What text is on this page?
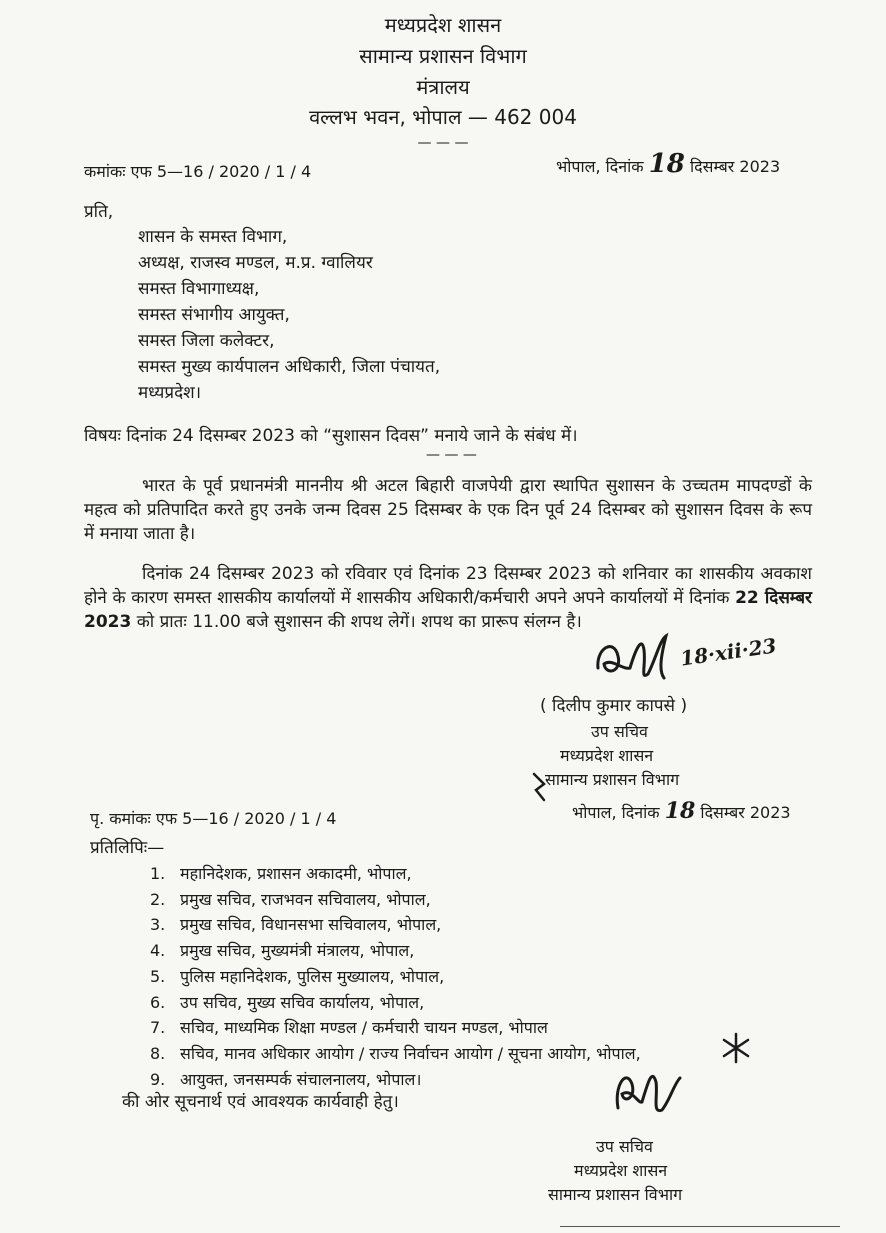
मध्यप्रदेश शासन
सामान्य प्रशासन विभाग
मंत्रालय
वल्लभ भवन, भोपाल — 462 004
— — —
कमांकः एफ 5—16 / 2020 / 1 / 4	भोपाल, दिनांक 18 दिसम्बर 2023
प्रति,
शासन के समस्त विभाग,
अध्यक्ष, राजस्व मण्डल, म.प्र. ग्वालियर
समस्त विभागाध्यक्ष,
समस्त संभागीय आयुक्त,
समस्त जिला कलेक्टर,
समस्त मुख्य कार्यपालन अधिकारी, जिला पंचायत,
मध्यप्रदेश।
विषयः दिनांक 24 दिसम्बर 2023 को “सुशासन दिवस” मनाये जाने के संबंध में।
— — —

भारत के पूर्व प्रधानमंत्री माननीय श्री अटल बिहारी वाजपेयी द्वारा स्थापित सुशासन के उच्चतम मापदण्डों के महत्व को प्रतिपादित करते हुए उनके जन्म दिवस 25 दिसम्बर के एक दिन पूर्व 24 दिसम्बर को सुशासन दिवस के रूप में मनाया जाता है।

दिनांक 24 दिसम्बर 2023 को रविवार एवं दिनांक 23 दिसम्बर 2023 को शनिवार का शासकीय अवकाश होने के कारण समस्त शासकीय कार्यालयों में शासकीय अधिकारी/कर्मचारी अपने अपने कार्यालयों में दिनांक 22 दिसम्बर 2023 को प्रातः 11.00 बजे सुशासन की शपथ लेगें। शपथ का प्रारूप संलग्न है।

18·xii·23
( दिलीप कुमार कापसे )
उप सचिव
मध्यप्रदेश शासन
सामान्य प्रशासन विभाग
भोपाल, दिनांक 18 दिसम्बर 2023
पृ. कमांकः एफ 5—16 / 2020 / 1 / 4
प्रतिलिपिः—
1. महानिदेशक, प्रशासन अकादमी, भोपाल,
2. प्रमुख सचिव, राजभवन सचिवालय, भोपाल,
3. प्रमुख सचिव, विधानसभा सचिवालय, भोपाल,
4. प्रमुख सचिव, मुख्यमंत्री मंत्रालय, भोपाल,
5. पुलिस महानिदेशक, पुलिस मुख्यालय, भोपाल,
6. उप सचिव, मुख्य सचिव कार्यालय, भोपाल,
7. सचिव, माध्यमिक शिक्षा मण्डल / कर्मचारी चायन मण्डल, भोपाल
8. सचिव, मानव अधिकार आयोग / राज्य निर्वाचन आयोग / सूचना आयोग, भोपाल,
9. आयुक्त, जनसम्पर्क संचालनालय, भोपाल।
की ओर सूचनार्थ एवं आवश्यक कार्यवाही हेतु।
उप सचिव
मध्यप्रदेश शासन
सामान्य प्रशासन विभाग
